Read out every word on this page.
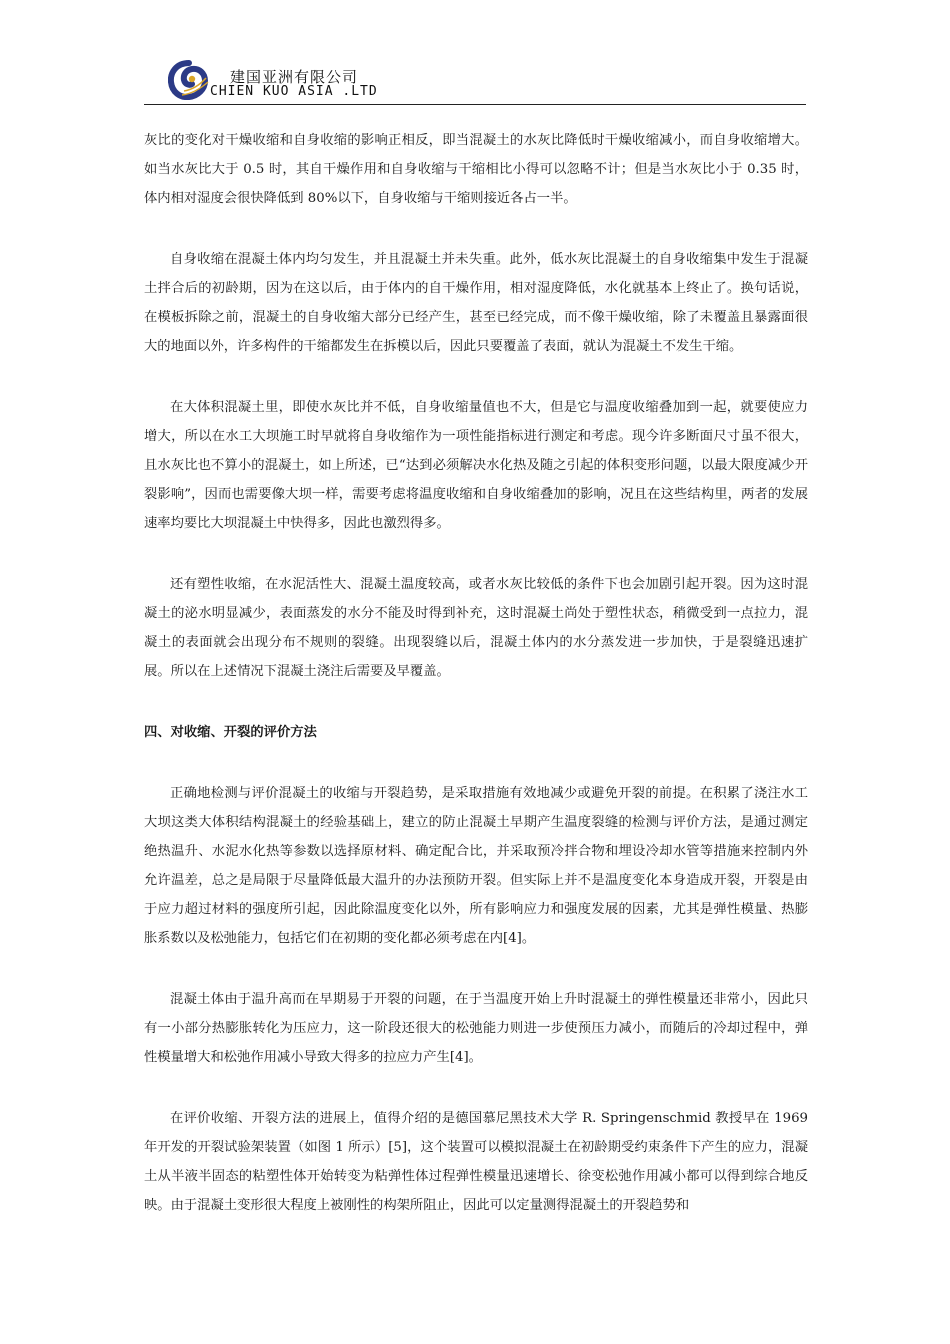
建国亚洲有限公司
CHIEN KUO ASIA .LTD

灰比的变化对干燥收缩和自身收缩的影响正相反，即当混凝土的水灰比降低时干燥收缩减小，而自身收缩增大。如当水灰比大于 0.5 时，其自干燥作用和自身收缩与干缩相比小得可以忽略不计；但是当水灰比小于 0.35 时，体内相对湿度会很快降低到 80%以下，自身收缩与干缩则接近各占一半。

自身收缩在混凝土体内均匀发生，并且混凝土并未失重。此外，低水灰比混凝土的自身收缩集中发生于混凝土拌合后的初龄期，因为在这以后，由于体内的自干燥作用，相对湿度降低，水化就基本上终止了。换句话说，在模板拆除之前，混凝土的自身收缩大部分已经产生，甚至已经完成，而不像干燥收缩，除了未覆盖且暴露面很大的地面以外，许多构件的干缩都发生在拆模以后，因此只要覆盖了表面，就认为混凝土不发生干缩。

在大体积混凝土里，即使水灰比并不低，自身收缩量值也不大，但是它与温度收缩叠加到一起，就要使应力增大，所以在水工大坝施工时早就将自身收缩作为一项性能指标进行测定和考虑。现今许多断面尺寸虽不很大，且水灰比也不算小的混凝土，如上所述，已“达到必须解决水化热及随之引起的体积变形问题，以最大限度减少开裂影响”，因而也需要像大坝一样，需要考虑将温度收缩和自身收缩叠加的影响，况且在这些结构里，两者的发展速率均要比大坝混凝土中快得多，因此也激烈得多。

还有塑性收缩，在水泥活性大、混凝土温度较高，或者水灰比较低的条件下也会加剧引起开裂。因为这时混凝土的泌水明显减少，表面蒸发的水分不能及时得到补充，这时混凝土尚处于塑性状态，稍微受到一点拉力，混凝土的表面就会出现分布不规则的裂缝。出现裂缝以后，混凝土体内的水分蒸发进一步加快，于是裂缝迅速扩展。所以在上述情况下混凝土浇注后需要及早覆盖。

四、对收缩、开裂的评价方法

正确地检测与评价混凝土的收缩与开裂趋势，是采取措施有效地减少或避免开裂的前提。在积累了浇注水工大坝这类大体积结构混凝土的经验基础上，建立的防止混凝土早期产生温度裂缝的检测与评价方法，是通过测定绝热温升、水泥水化热等参数以选择原材料、确定配合比，并采取预冷拌合物和埋设冷却水管等措施来控制内外允许温差，总之是局限于尽量降低最大温升的办法预防开裂。但实际上并不是温度变化本身造成开裂，开裂是由于应力超过材料的强度所引起，因此除温度变化以外，所有影响应力和强度发展的因素，尤其是弹性模量、热膨胀系数以及松弛能力，包括它们在初期的变化都必须考虑在内[4]。

混凝土体由于温升高而在早期易于开裂的问题，在于当温度开始上升时混凝土的弹性模量还非常小，因此只有一小部分热膨胀转化为压应力，这一阶段还很大的松弛能力则进一步使预压力减小，而随后的冷却过程中，弹性模量增大和松弛作用减小导致大得多的拉应力产生[4]。

在评价收缩、开裂方法的进展上，值得介绍的是德国慕尼黑技术大学 R. Springenschmid 教授早在 1969 年开发的开裂试验架装置（如图 1 所示）[5]，这个装置可以模拟混凝土在初龄期受约束条件下产生的应力，混凝土从半液半固态的粘塑性体开始转变为粘弹性体过程弹性模量迅速增长、徐变松弛作用减小都可以得到综合地反映。由于混凝土变形很大程度上被刚性的构架所阻止，因此可以定量测得混凝土的开裂趋势和
